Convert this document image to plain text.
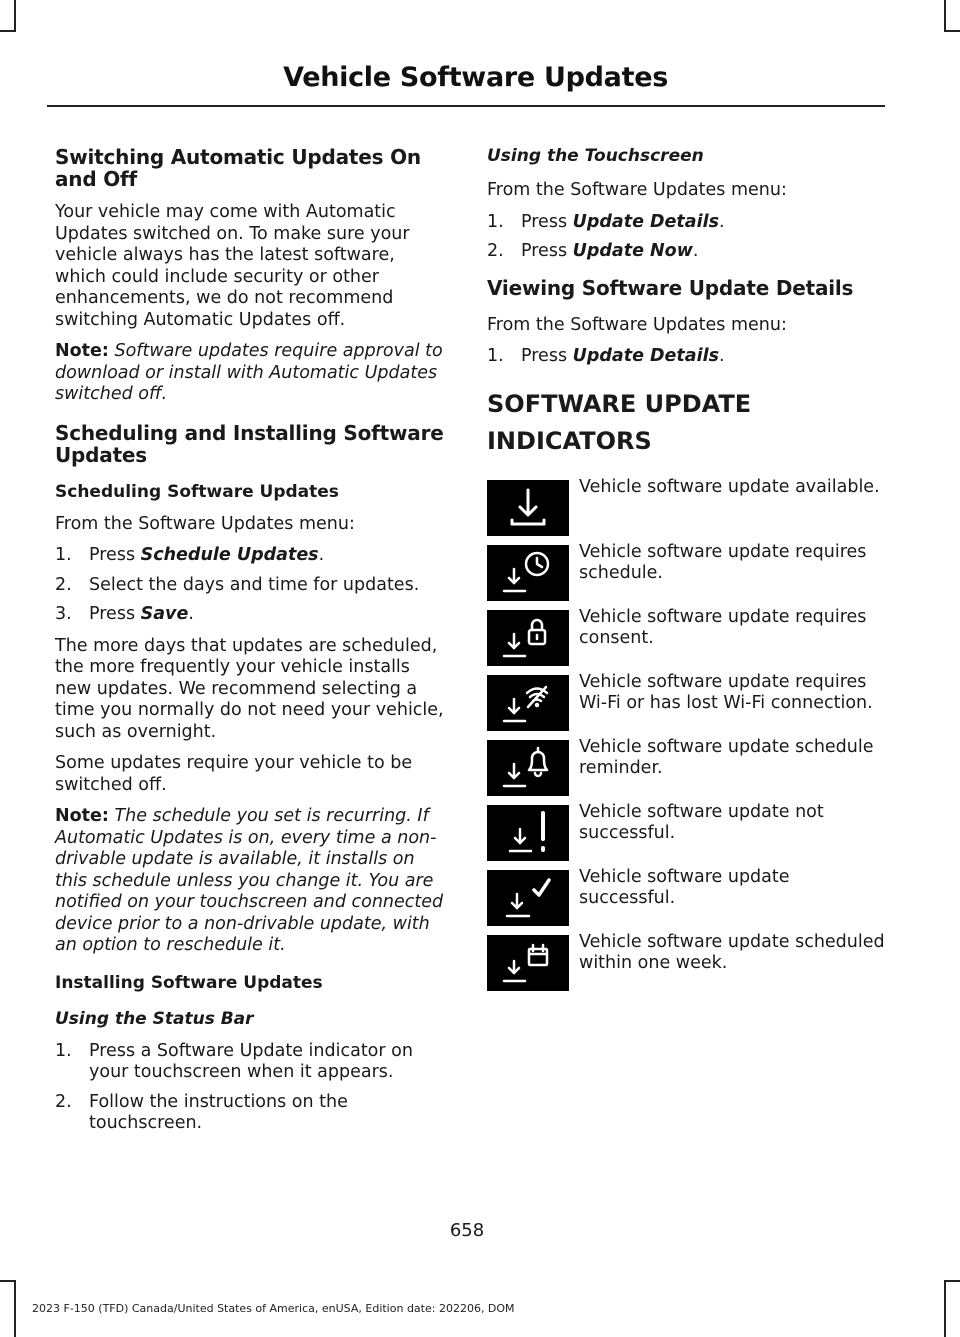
Vehicle Software Updates
Switching Automatic Updates On and Off

Your vehicle may come with Automatic Updates switched on. To make sure your vehicle always has the latest software, which could include security or other enhancements, we do not recommend switching Automatic Updates off.

Note: Software updates require approval to download or install with Automatic Updates switched off.

Scheduling and Installing Software Updates
Scheduling Software Updates

From the Software Updates menu:

1. Press Schedule Updates.
2. Select the days and time for updates.
3. Press Save.

The more days that updates are scheduled, the more frequently your vehicle installs new updates. We recommend selecting a time you normally do not need your vehicle, such as overnight.

Some updates require your vehicle to be switched off.

Note: The schedule you set is recurring. If Automatic Updates is on, every time a non-drivable update is available, it installs on this schedule unless you change it. You are notified on your touchscreen and connected device prior to a non-drivable update, with an option to reschedule it.

Installing Software Updates
Using the Status Bar
1. Press a Software Update indicator on your touchscreen when it appears.
2. Follow the instructions on the touchscreen.
Using the Touchscreen

From the Software Updates menu:

1. Press Update Details.
2. Press Update Now.
Viewing Software Update Details

From the Software Updates menu:

1. Press Update Details.
SOFTWARE UPDATE
INDICATORS
Vehicle software update available.
Vehicle software update requires schedule.
Vehicle software update requires consent.
Vehicle software update requires Wi-Fi or has lost Wi-Fi connection.
Vehicle software update schedule reminder.
Vehicle software update not successful.
Vehicle software update successful.
Vehicle software update scheduled within one week.
658
2023 F-150 (TFD) Canada/United States of America, enUSA, Edition date: 202206, DOM
